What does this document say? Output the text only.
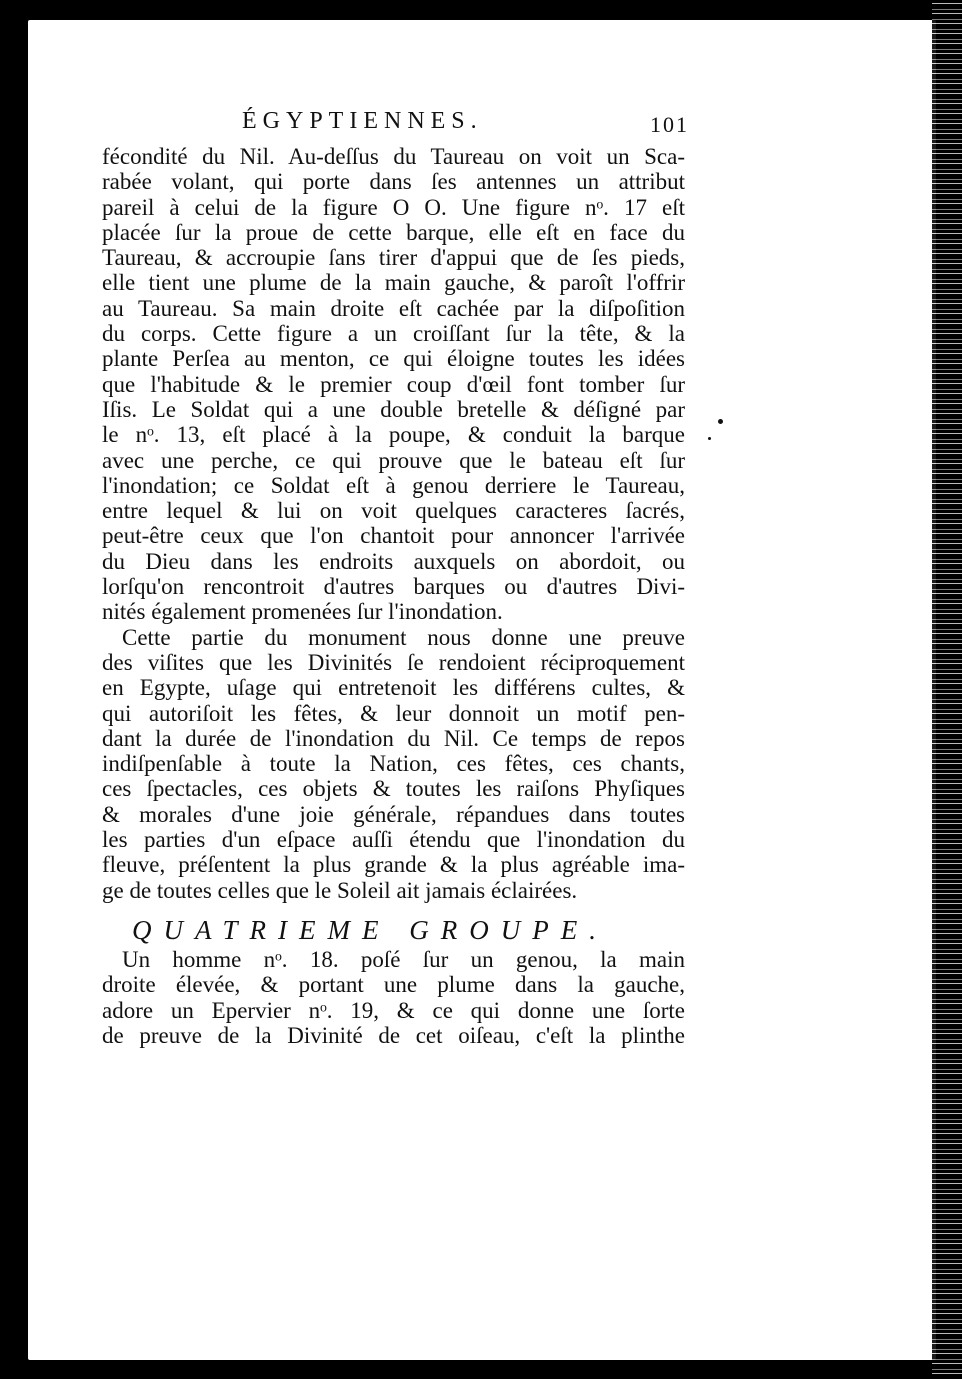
ÉGYPTIENNES.	101
fécondité du Nil. Au-deſſus du Taureau on voit un Sca-
rabée volant, qui porte dans ſes antennes un attribut
pareil à celui de la figure O O. Une figure nᵒ. 17 eſt
placée ſur la proue de cette barque, elle eſt en face du
Taureau, & accroupie ſans tirer d'appui que de ſes pieds,
elle tient une plume de la main gauche, & paroît l'offrir
au Taureau. Sa main droite eſt cachée par la diſpoſition
du corps. Cette figure a un croiſſant ſur la tête, & la
plante Perſea au menton, ce qui éloigne toutes les idées
que l'habitude & le premier coup d'œil font tomber ſur
Iſis. Le Soldat qui a une double bretelle & déſigné par
le nᵒ. 13, eſt placé à la poupe, & conduit la barque
avec une perche, ce qui prouve que le bateau eſt ſur
l'inondation; ce Soldat eſt à genou derriere le Taureau,
entre lequel & lui on voit quelques caracteres ſacrés,
peut-être ceux que l'on chantoit pour annoncer l'arrivée
du Dieu dans les endroits auxquels on abordoit, ou
lorſqu'on rencontroit d'autres barques ou d'autres Divi-
nités également promenées ſur l'inondation.
Cette partie du monument nous donne une preuve
des viſites que les Divinités ſe rendoient réciproquement
en Egypte, uſage qui entretenoit les différens cultes, &
qui autoriſoit les fêtes, & leur donnoit un motif pen-
dant la durée de l'inondation du Nil. Ce temps de repos
indiſpenſable à toute la Nation, ces fêtes, ces chants,
ces ſpectacles, ces objets & toutes les raiſons Phyſiques
& morales d'une joie générale, répandues dans toutes
les parties d'un eſpace auſſi étendu que l'inondation du
fleuve, préſentent la plus grande & la plus agréable ima-
ge de toutes celles que le Soleil ait jamais éclairées.
QUATRIEME GROUPE.
Un homme nᵒ. 18. poſé ſur un genou, la main
droite élevée, & portant une plume dans la gauche,
adore un Epervier nᵒ. 19, & ce qui donne une ſorte
de preuve de la Divinité de cet oiſeau, c'eſt la plinthe
